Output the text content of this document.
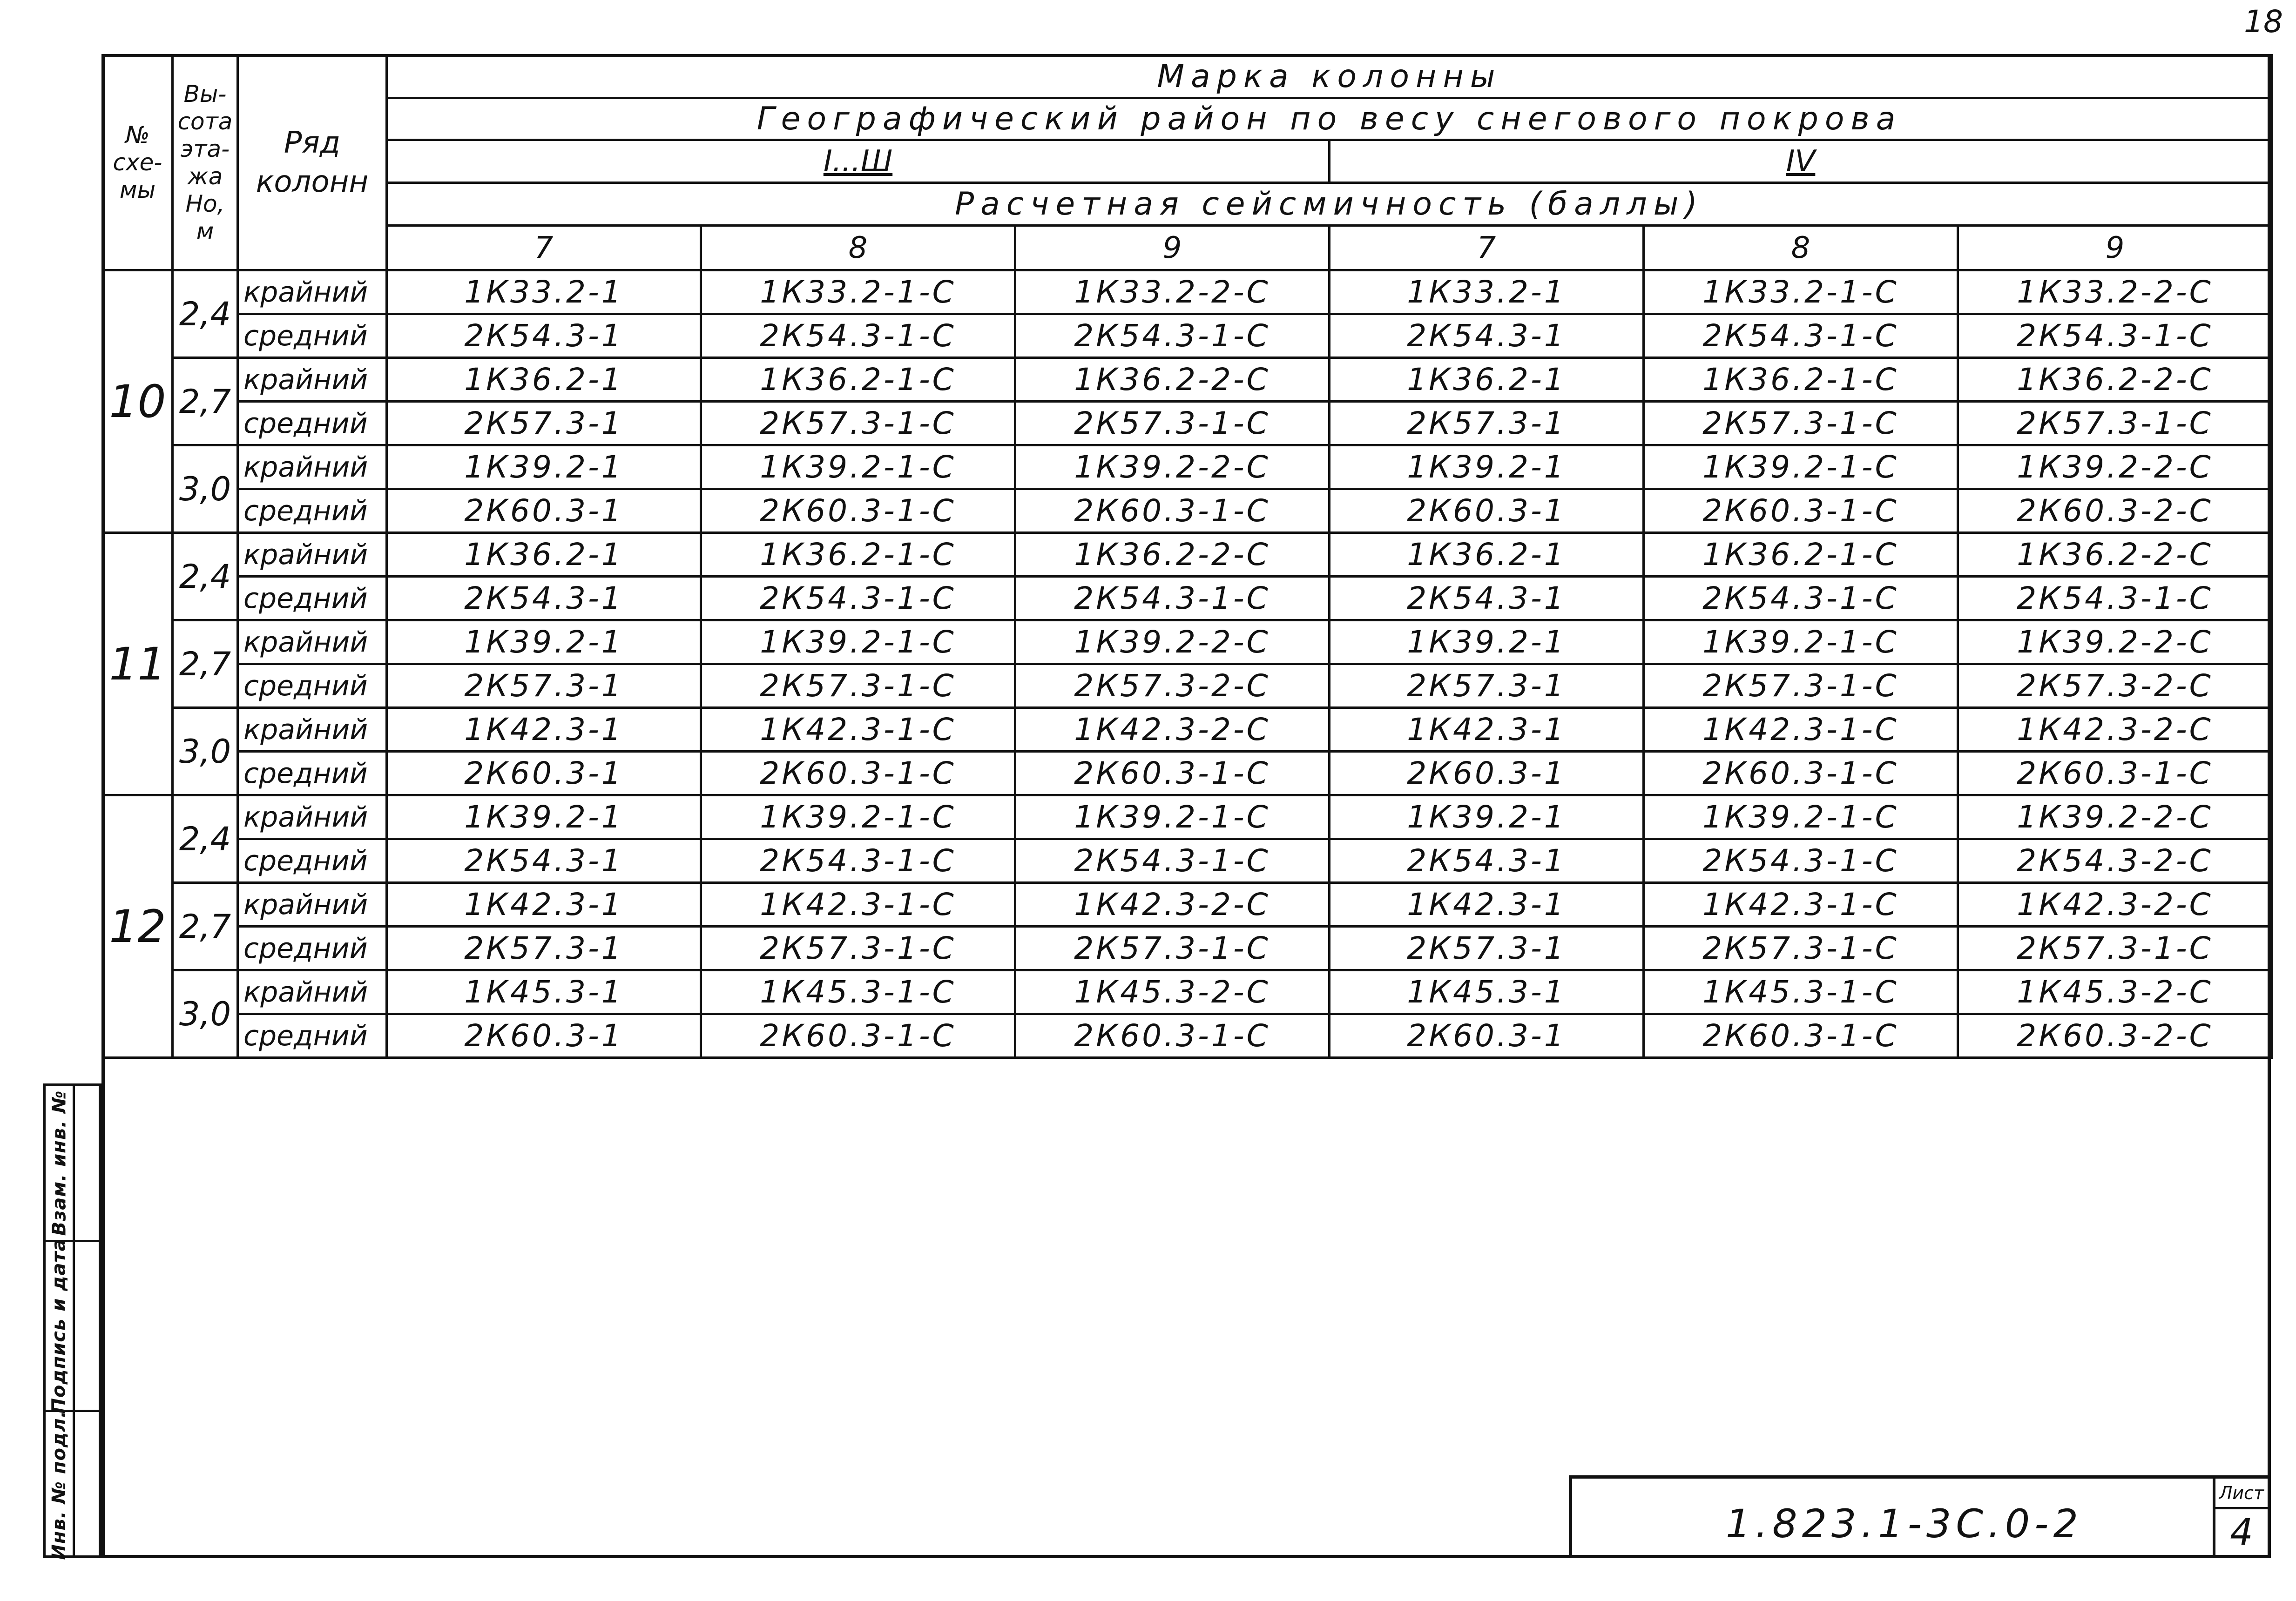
18
№ схе-мы	Вы-сота эта-жа Но, м	Ряд колонн	Марка колонны					
			Географический район по весу снегового покрова					
			I...Ш			IV		
			Расчетная сейсмичность (баллы)					
			7	8	9	7	8	9
10	2,4	крайний	1К33.2-1	1К33.2-1-С	1К33.2-2-С	1К33.2-1	1К33.2-1-С	1К33.2-2-С
		средний	2К54.3-1	2К54.3-1-С	2К54.3-1-С	2К54.3-1	2К54.3-1-С	2К54.3-1-С
	2,7	крайний	1К36.2-1	1К36.2-1-С	1К36.2-2-С	1К36.2-1	1К36.2-1-С	1К36.2-2-С
		средний	2К57.3-1	2К57.3-1-С	2К57.3-1-С	2К57.3-1	2К57.3-1-С	2К57.3-1-С
	3,0	крайний	1К39.2-1	1К39.2-1-С	1К39.2-2-С	1К39.2-1	1К39.2-1-С	1К39.2-2-С
		средний	2К60.3-1	2К60.3-1-С	2К60.3-1-С	2К60.3-1	2К60.3-1-С	2К60.3-2-С
11	2,4	крайний	1К36.2-1	1К36.2-1-С	1К36.2-2-С	1К36.2-1	1К36.2-1-С	1К36.2-2-С
		средний	2К54.3-1	2К54.3-1-С	2К54.3-1-С	2К54.3-1	2К54.3-1-С	2К54.3-1-С
	2,7	крайний	1К39.2-1	1К39.2-1-С	1К39.2-2-С	1К39.2-1	1К39.2-1-С	1К39.2-2-С
		средний	2К57.3-1	2К57.3-1-С	2К57.3-2-С	2К57.3-1	2К57.3-1-С	2К57.3-2-С
	3,0	крайний	1К42.3-1	1К42.3-1-С	1К42.3-2-С	1К42.3-1	1К42.3-1-С	1К42.3-2-С
		средний	2К60.3-1	2К60.3-1-С	2К60.3-1-С	2К60.3-1	2К60.3-1-С	2К60.3-1-С
12	2,4	крайний	1К39.2-1	1К39.2-1-С	1К39.2-1-С	1К39.2-1	1К39.2-1-С	1К39.2-2-С
		средний	2К54.3-1	2К54.3-1-С	2К54.3-1-С	2К54.3-1	2К54.3-1-С	2К54.3-2-С
	2,7	крайний	1К42.3-1	1К42.3-1-С	1К42.3-2-С	1К42.3-1	1К42.3-1-С	1К42.3-2-С
		средний	2К57.3-1	2К57.3-1-С	2К57.3-1-С	2К57.3-1	2К57.3-1-С	2К57.3-1-С
	3,0	крайний	1К45.3-1	1К45.3-1-С	1К45.3-2-С	1К45.3-1	1К45.3-1-С	1К45.3-2-С
		средний	2К60.3-1	2К60.3-1-С	2К60.3-1-С	2К60.3-1	2К60.3-1-С	2К60.3-2-С
Взам. инв. №
Подпись и дата
Инв. № подл.	1.823.1-3С.0-2
Лист
4
